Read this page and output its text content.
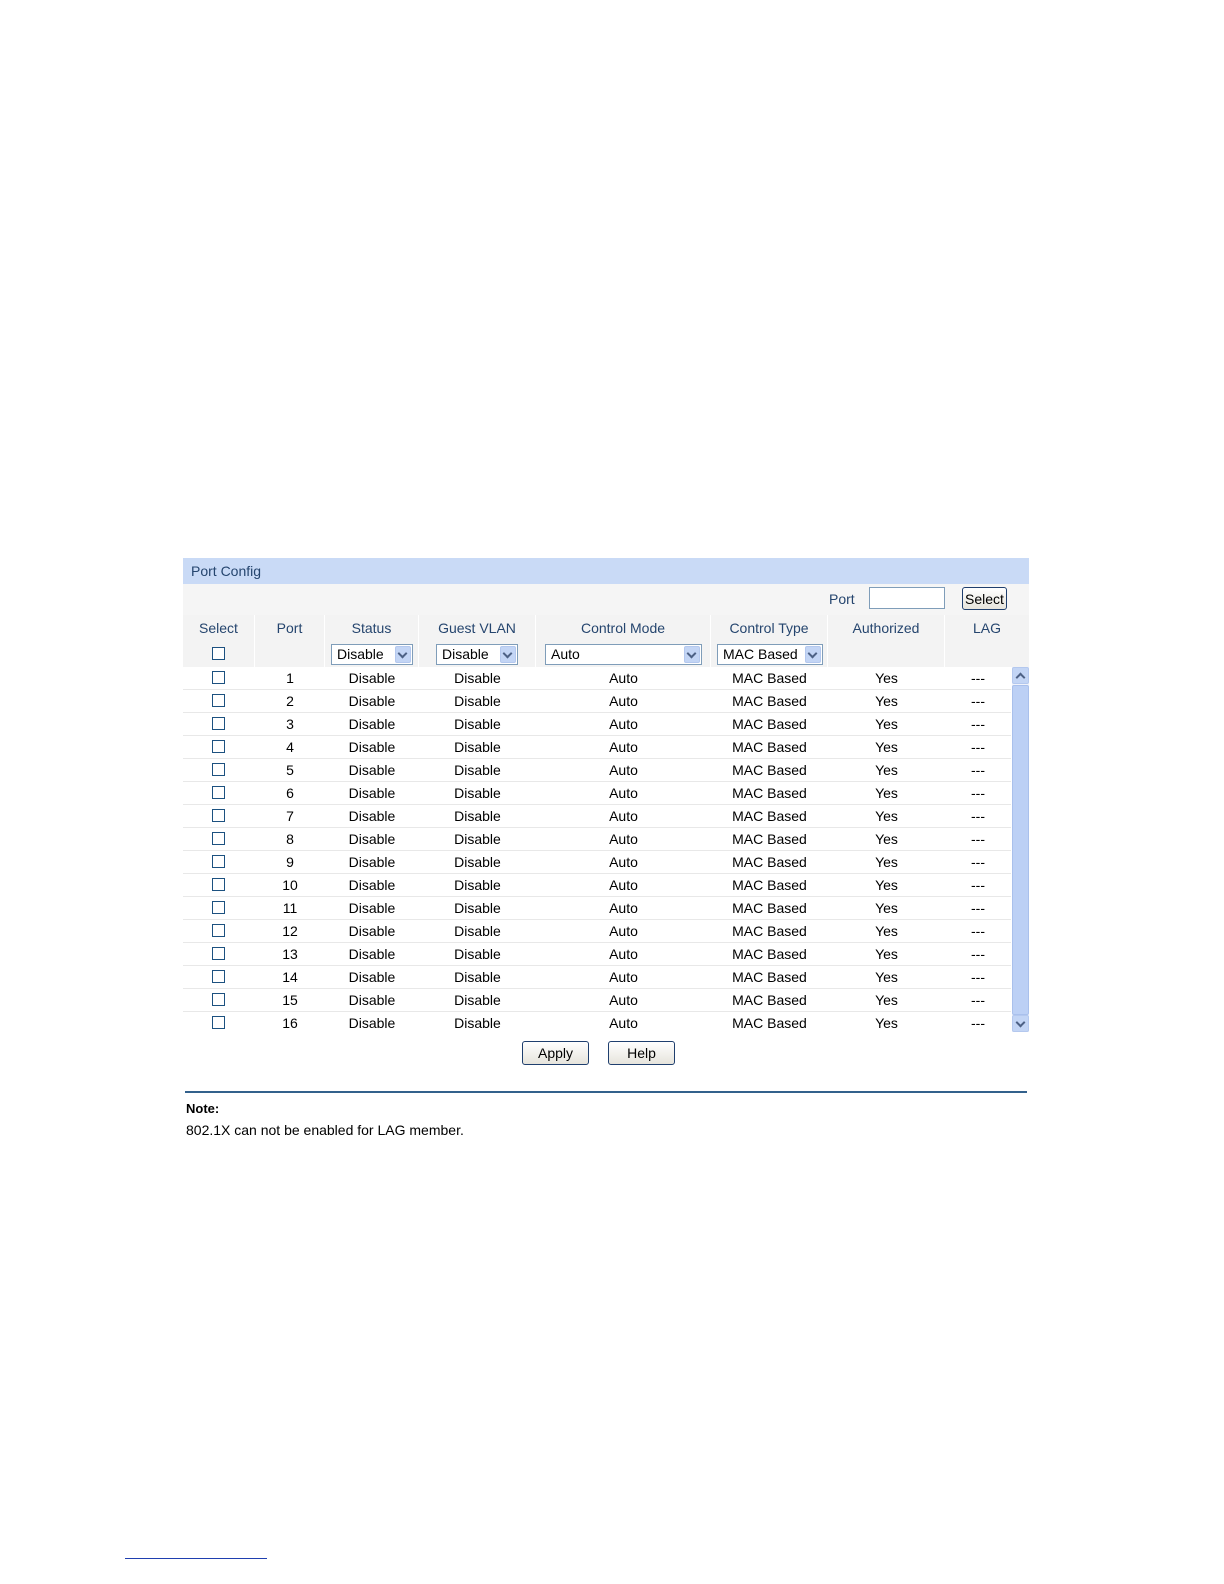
Port Config
Port	Select
Select	Port	Status	Guest VLAN	Control Mode	Control Type	Authorized	LAG
Disable	Disable	Auto	MAC Based
1	Disable	Disable	Auto	MAC Based	Yes	---
2	Disable	Disable	Auto	MAC Based	Yes	---
3	Disable	Disable	Auto	MAC Based	Yes	---
4	Disable	Disable	Auto	MAC Based	Yes	---
5	Disable	Disable	Auto	MAC Based	Yes	---
6	Disable	Disable	Auto	MAC Based	Yes	---
7	Disable	Disable	Auto	MAC Based	Yes	---
8	Disable	Disable	Auto	MAC Based	Yes	---
9	Disable	Disable	Auto	MAC Based	Yes	---
10	Disable	Disable	Auto	MAC Based	Yes	---
11	Disable	Disable	Auto	MAC Based	Yes	---
12	Disable	Disable	Auto	MAC Based	Yes	---
13	Disable	Disable	Auto	MAC Based	Yes	---
14	Disable	Disable	Auto	MAC Based	Yes	---
15	Disable	Disable	Auto	MAC Based	Yes	---
16	Disable	Disable	Auto	MAC Based	Yes	---
Apply	Help
Note:
802.1X can not be enabled for LAG member.
